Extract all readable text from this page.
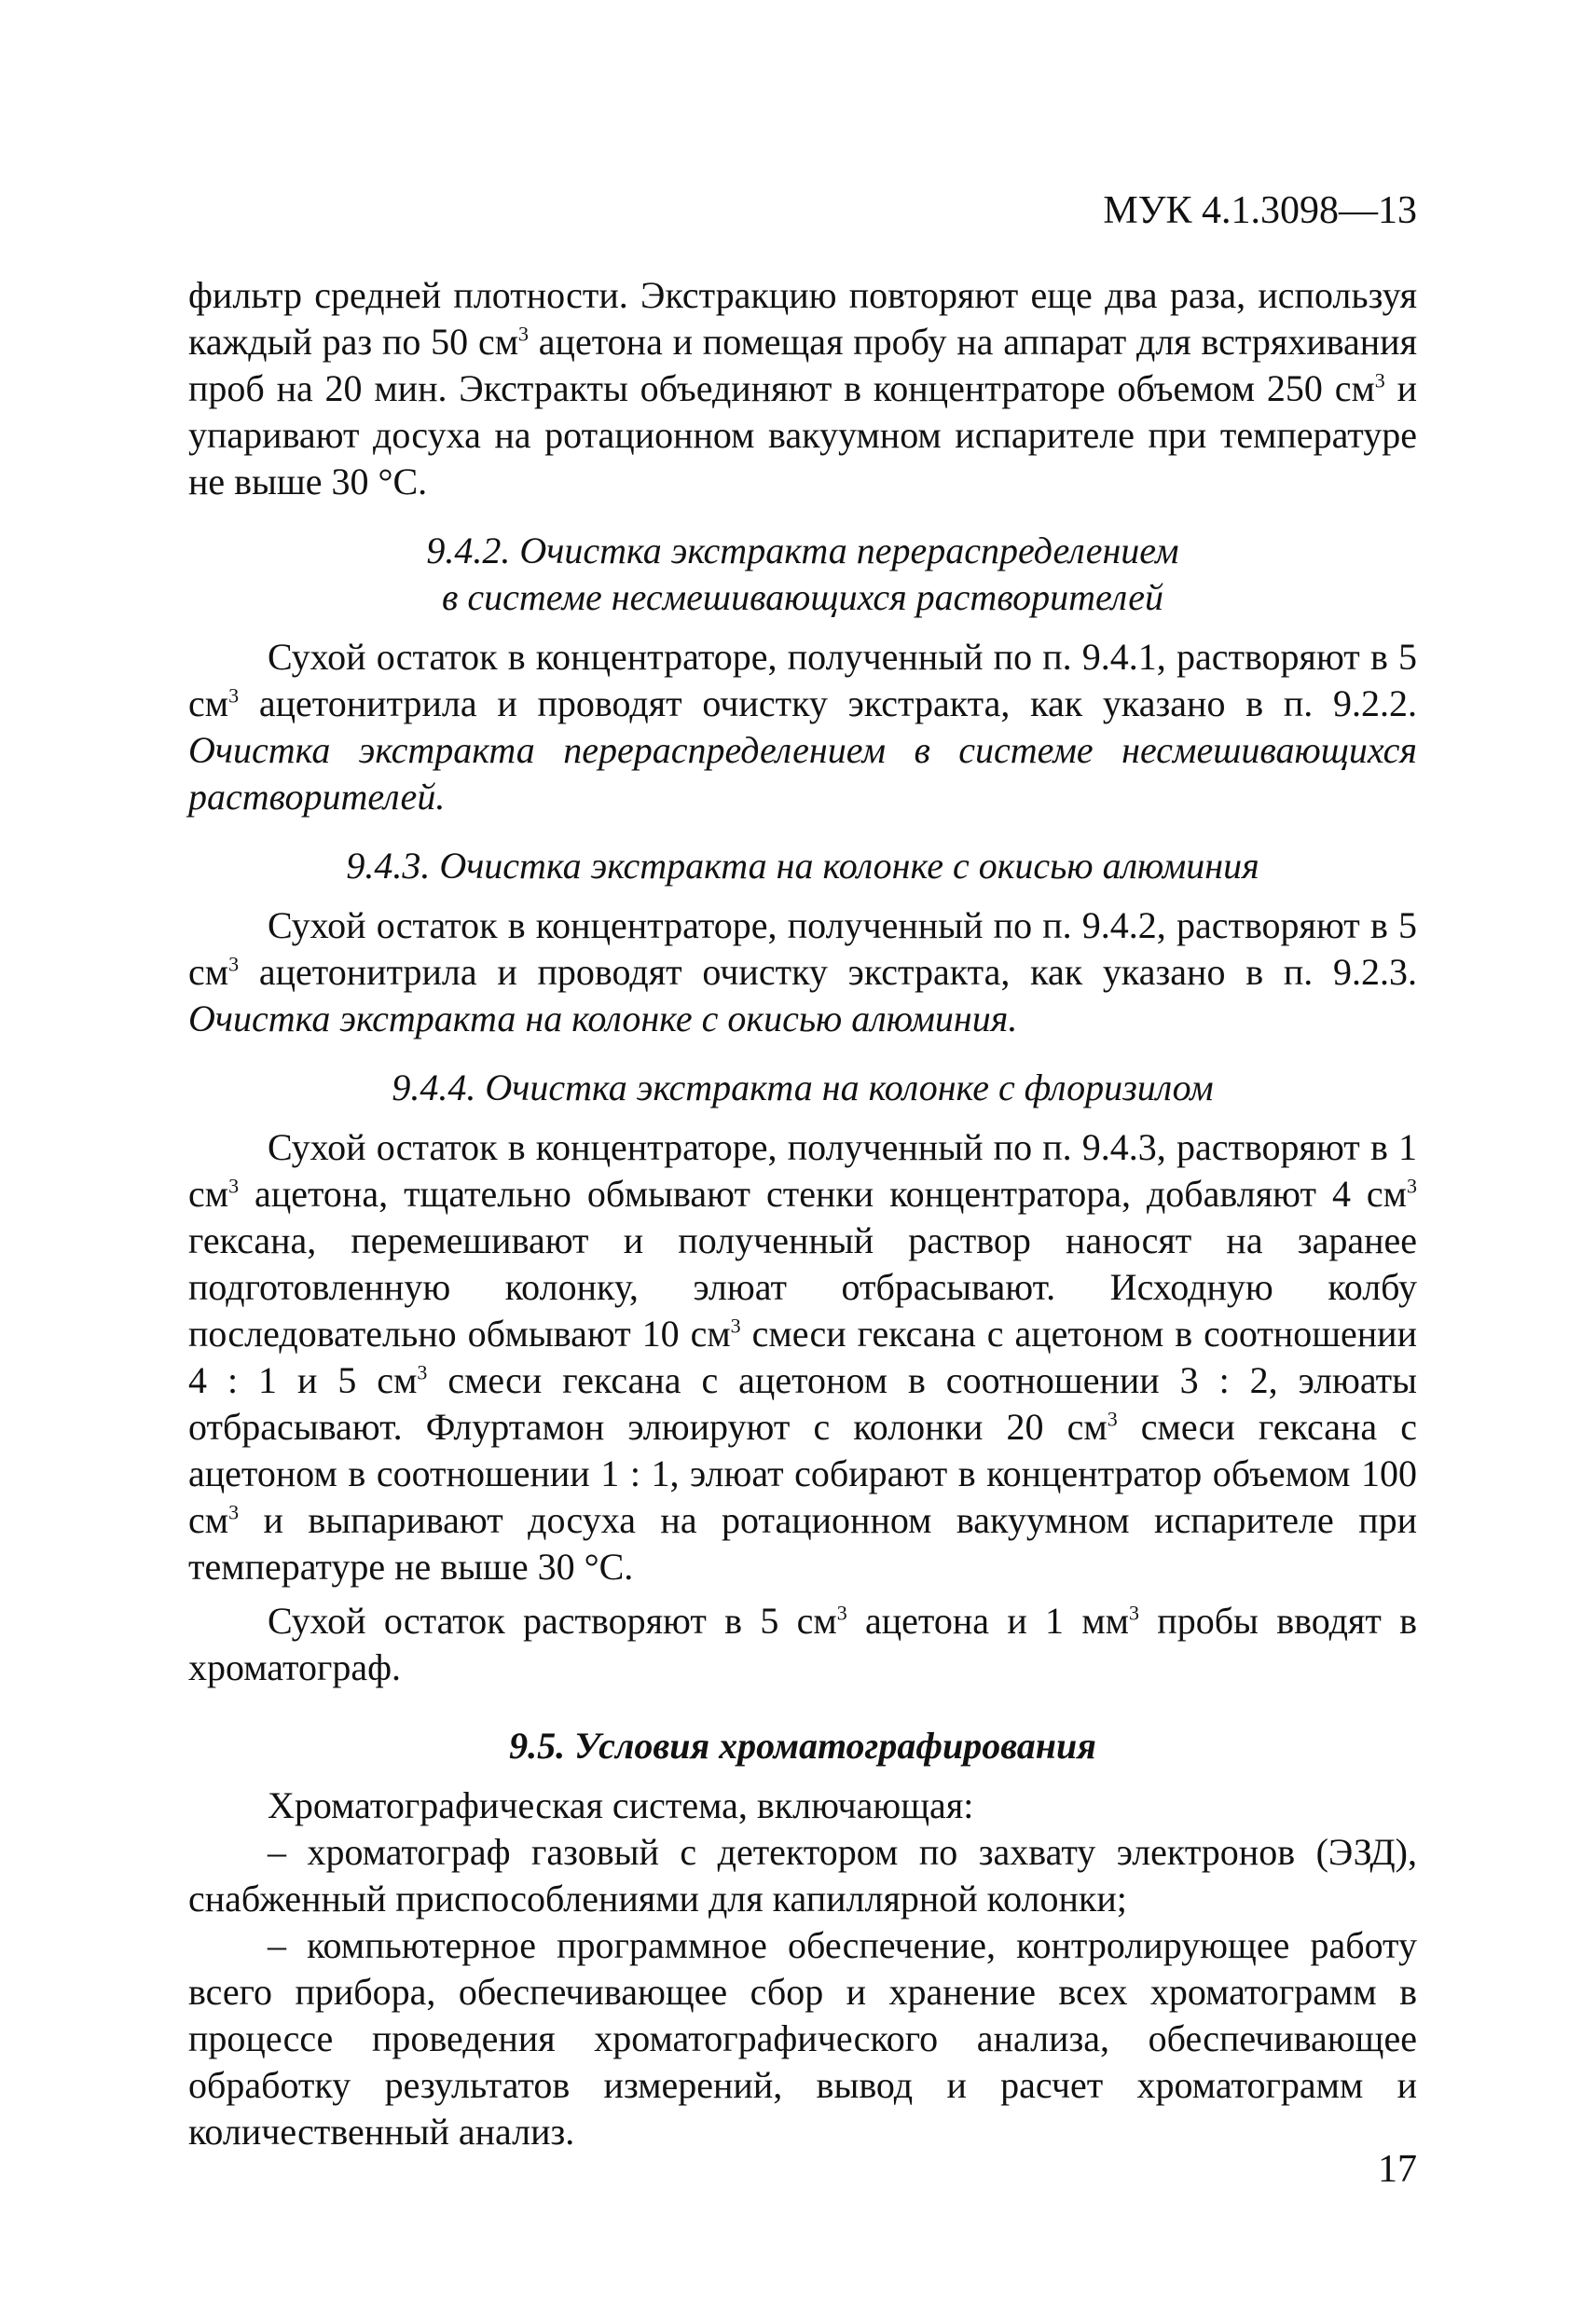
МУК 4.1.3098—13

фильтр средней плотности. Экстракцию повторяют еще два раза, используя каждый раз по 50 $см^3$ ацетона и помещая пробу на аппарат для встряхивания проб на 20 мин. Экстракты объединяют в концентраторе объемом 250 $см^3$ и упаривают досуха на ротационном вакуумном испарителе при температуре не выше 30 °С.

9.4.2. Очистка экстракта перераспределением

в системе несмешивающихся растворителей

Сухой остаток в концентраторе, полученный по п. 9.4.1, растворяют в 5 $см^3$ ацетонитрила и проводят очистку экстракта, как указано в п. 9.2.2. Очистка экстракта перераспределением в системе несмешивающихся растворителей.

9.4.3. Очистка экстракта на колонке с окисью алюминия

Сухой остаток в концентраторе, полученный по п. 9.4.2, растворяют в 5 $см^3$ ацетонитрила и проводят очистку экстракта, как указано в п. 9.2.3. Очистка экстракта на колонке с окисью алюминия.

9.4.4. Очистка экстракта на колонке с флоризилом

Сухой остаток в концентраторе, полученный по п. 9.4.3, растворяют в 1 $см^3$ ацетона, тщательно обмывают стенки концентратора, добавляют 4 $см^3$ гексана, перемешивают и полученный раствор наносят на заранее подготовленную колонку, элюат отбрасывают. Исходную колбу последовательно обмывают 10 $см^3$ смеси гексана с ацетоном в соотношении 4 : 1 и 5 $см^3$ смеси гексана с ацетоном в соотношении 3 : 2, элюаты отбрасывают. Флуртамон элюируют с колонки 20 $см^3$ смеси гексана с ацетоном в соотношении 1 : 1, элюат собирают в концентратор объемом 100 $см^3$ и выпаривают досуха на ротационном вакуумном испарителе при температуре не выше 30 °С.

Сухой остаток растворяют в 5 $см^3$ ацетона и 1 $мм^3$ пробы вводят в хроматограф.

9.5. Условия хроматографирования

Хроматографическая система, включающая:

– хроматограф газовый с детектором по захвату электронов (ЭЗД), снабженный приспособлениями для капиллярной колонки;

– компьютерное программное обеспечение, контролирующее работу всего прибора, обеспечивающее сбор и хранение всех хроматограмм в процессе проведения хроматографического анализа, обеспечивающее обработку результатов измерений, вывод и расчет хроматограмм и количественный анализ.

17
